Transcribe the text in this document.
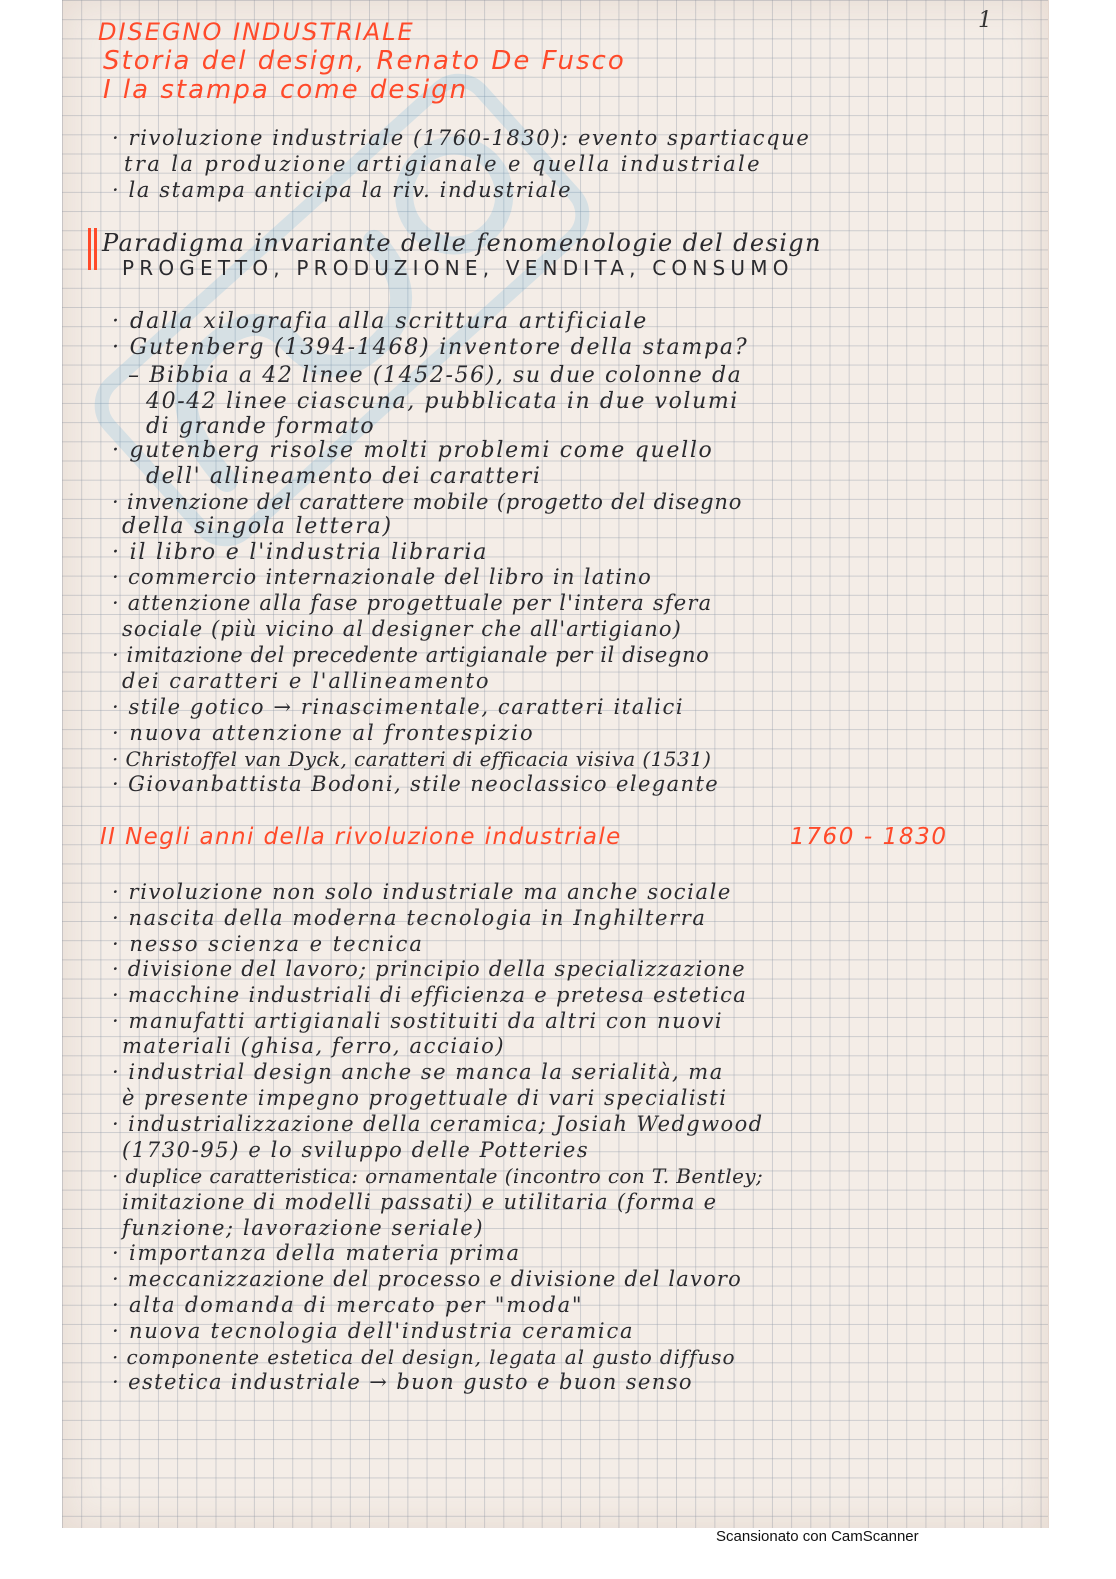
1
DISEGNO INDUSTRIALE
Storia del design, Renato De Fusco
I la stampa come design
· rivoluzione industriale (1760-1830): evento spartiacque
tra la produzione artigianale e quella industriale
· la stampa anticipa la riv. industriale
Paradigma invariante delle fenomenologie del design
PROGETTO, PRODUZIONE, VENDITA, CONSUMO
· dalla xilografia alla scrittura artificiale
· Gutenberg (1394-1468) inventore della stampa?
– Bibbia a 42 linee (1452-56), su due colonne da
40-42 linee ciascuna, pubblicata in due volumi
di grande formato
· gutenberg risolse molti problemi come quello
dell' allineamento dei caratteri
· invenzione del carattere mobile (progetto del disegno
della singola lettera)
· il libro e l'industria libraria
· commercio internazionale del libro in latino
· attenzione alla fase progettuale per l'intera sfera
sociale (più vicino al designer che all'artigiano)
· imitazione del precedente artigianale per il disegno
dei caratteri e l'allineamento
· stile gotico → rinascimentale, caratteri italici
· nuova attenzione al frontespizio
· Christoffel van Dyck, caratteri di efficacia visiva (1531)
· Giovanbattista Bodoni, stile neoclassico elegante
II Negli anni della rivoluzione industriale	1760 - 1830
· rivoluzione non solo industriale ma anche sociale
· nascita della moderna tecnologia in Inghilterra
· nesso scienza e tecnica
· divisione del lavoro; principio della specializzazione
· macchine industriali di efficienza e pretesa estetica
· manufatti artigianali sostituiti da altri con nuovi
materiali (ghisa, ferro, acciaio)
· industrial design anche se manca la serialità, ma
è presente impegno progettuale di vari specialisti
· industrializzazione della ceramica; Josiah Wedgwood
(1730-95) e lo sviluppo delle Potteries
· duplice caratteristica: ornamentale (incontro con T. Bentley;
imitazione di modelli passati) e utilitaria (forma e
funzione; lavorazione seriale)
· importanza della materia prima
· meccanizzazione del processo e divisione del lavoro
· alta domanda di mercato per "moda"
· nuova tecnologia dell'industria ceramica
· componente estetica del design, legata al gusto diffuso
· estetica industriale → buon gusto e buon senso
Scansionato con CamScanner
